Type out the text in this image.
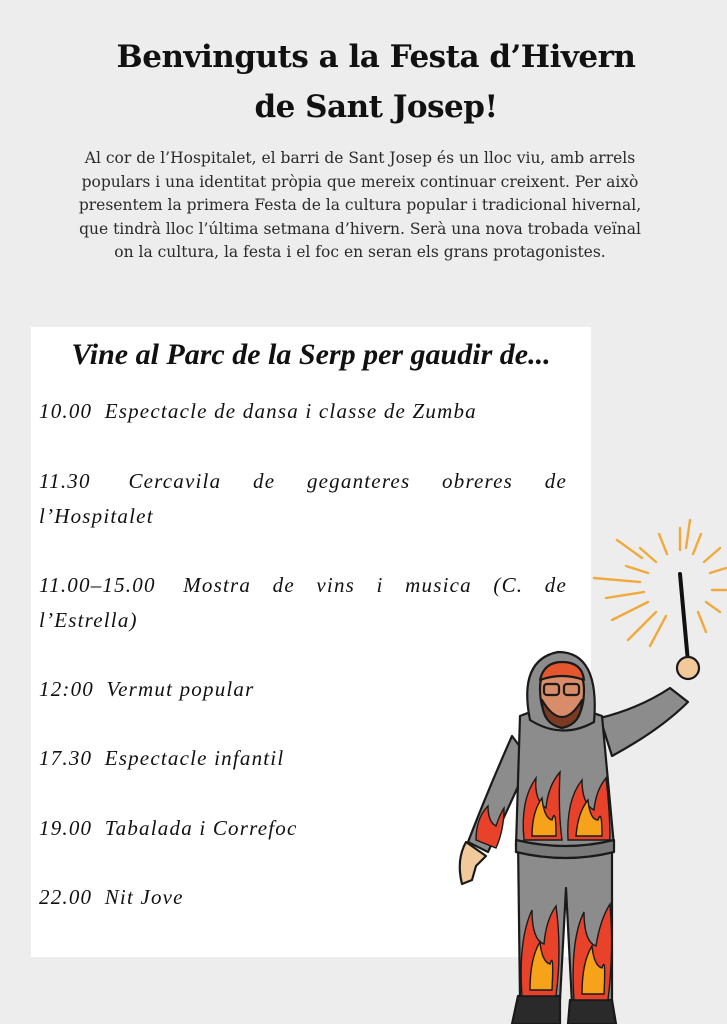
Benvinguts a la Festa d’Hivern
de Sant Josep!

Al cor de l’Hospitalet, el barri de Sant Josep és un lloc viu, amb arrels populars i una identitat pròpia que mereix continuar creixent. Per això presentem la primera Festa de la cultura popular i tradicional hivernal, que tindrà lloc l’última setmana d’hivern. Serà una nova trobada veïnal on la cultura, la festa i el foc en seran els grans protagonistes.

Vine al Parc de la Serp per gaudir de...
10.00 Espectacle de dansa i classe de Zumba
11.30 Cercavila de geganteres obreres de l’Hospitalet
11.00–15.00 Mostra de vins i musica (C. de l’Estrella)
12:00 Vermut popular
17.30 Espectacle infantil
19.00 Tabalada i Correfoc
22.00 Nit Jove
